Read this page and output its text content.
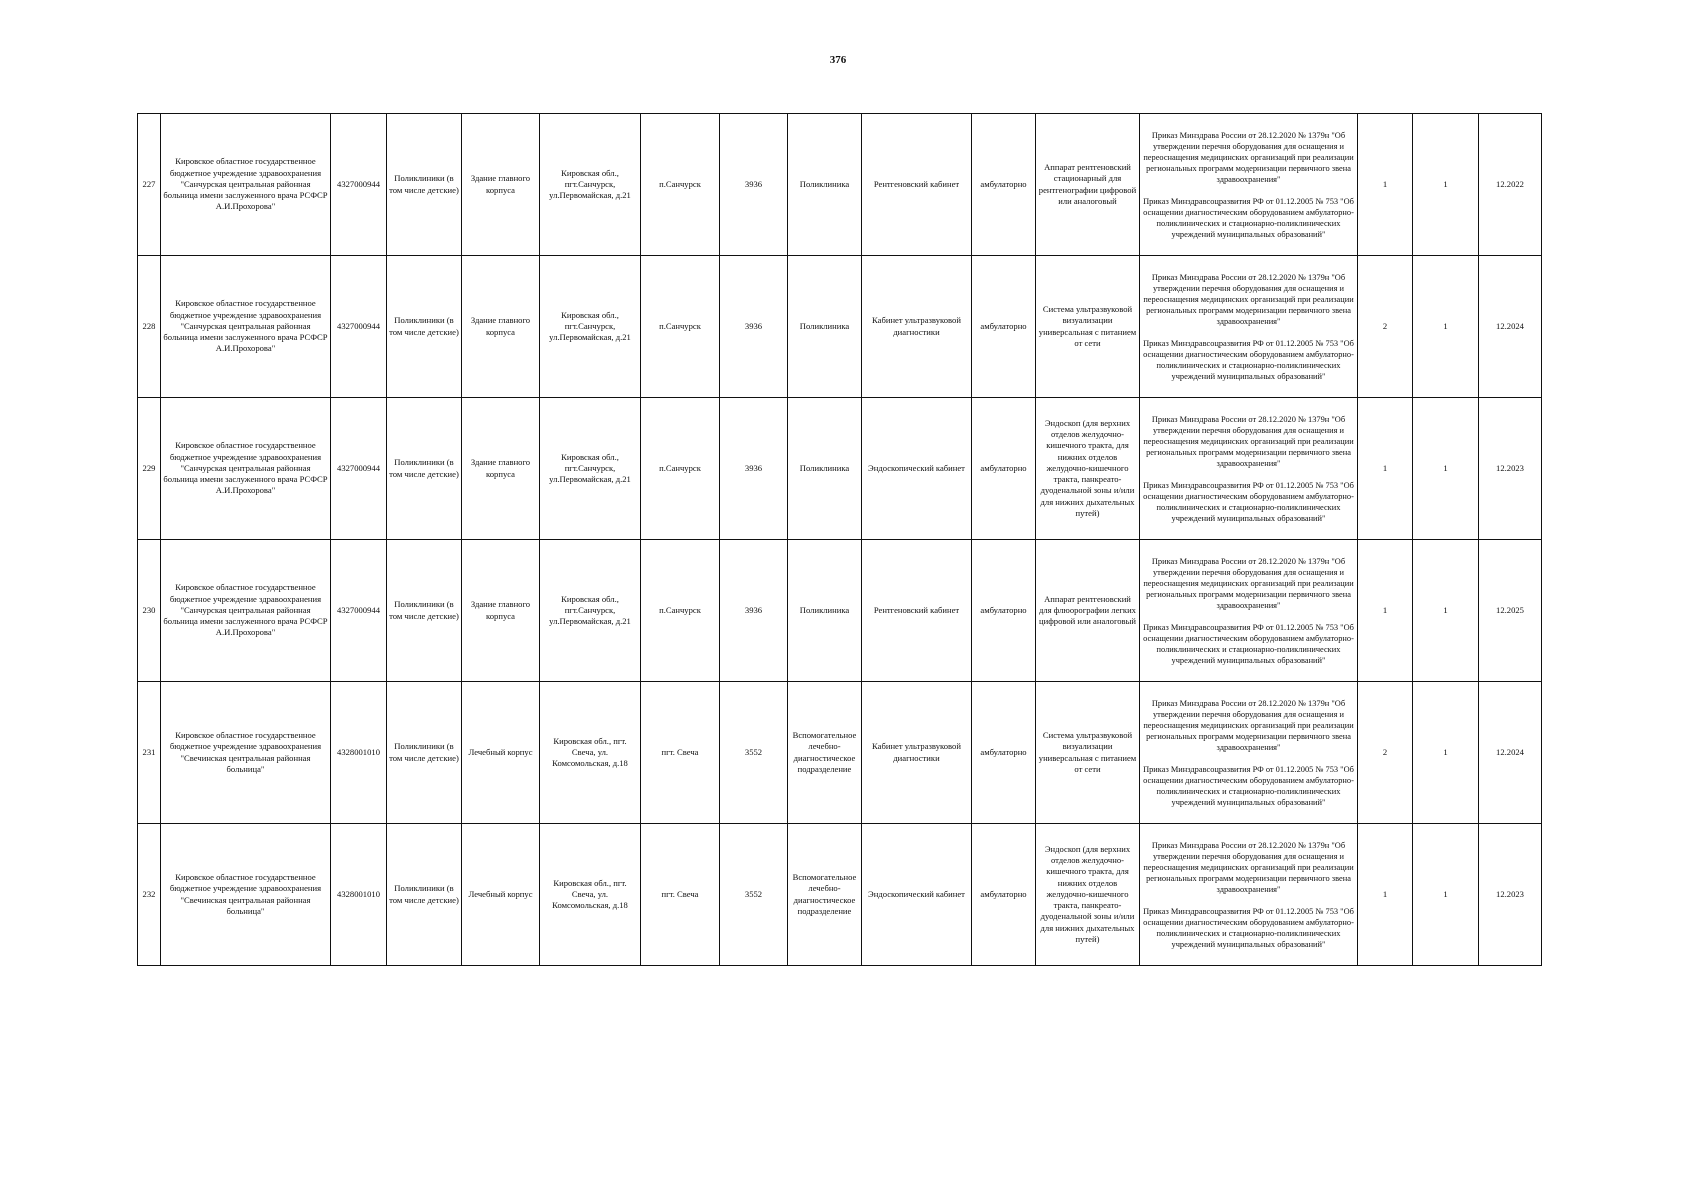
376
227	Кировское областное государственное бюджетное учреждение здравоохранения "Санчурская центральная районная больница имени заслуженного врача РСФСР А.И.Прохорова"	4327000944	Поликлиники (в том числе детские)	Здание главного корпуса	Кировская обл., пгт.Санчурск, ул.Первомайская, д.21	п.Санчурск	3936	Поликлиника	Рентгеновский кабинет	амбулаторно	Аппарат рентгеновский стационарный для рентгенографии цифровой или аналоговый	Приказ Минздрава России от 28.12.2020 № 1379н "Об утверждении перечня оборудования для оснащения и переоснащения медицинских организаций при реализации региональных программ модернизации первичного звена здравоохранения"
Приказ Минздравсоцразвития РФ от 01.12.2005 № 753 "Об оснащении диагностическим оборудованием амбулаторно-поликлинических и стационарно-поликлинических учреждений муниципальных образований"	1	1	12.2022
228	Кировское областное государственное бюджетное учреждение здравоохранения "Санчурская центральная районная больница имени заслуженного врача РСФСР А.И.Прохорова"	4327000944	Поликлиники (в том числе детские)	Здание главного корпуса	Кировская обл., пгт.Санчурск, ул.Первомайская, д.21	п.Санчурск	3936	Поликлиника	Кабинет ультразвуковой диагностики	амбулаторно	Система ультразвуковой визуализации универсальная с питанием от сети	Приказ Минздрава России от 28.12.2020 № 1379н "Об утверждении перечня оборудования для оснащения и переоснащения медицинских организаций при реализации региональных программ модернизации первичного звена здравоохранения"
Приказ Минздравсоцразвития РФ от 01.12.2005 № 753 "Об оснащении диагностическим оборудованием амбулаторно-поликлинических и стационарно-поликлинических учреждений муниципальных образований"	2	1	12.2024
229	Кировское областное государственное бюджетное учреждение здравоохранения "Санчурская центральная районная больница имени заслуженного врача РСФСР А.И.Прохорова"	4327000944	Поликлиники (в том числе детские)	Здание главного корпуса	Кировская обл., пгт.Санчурск, ул.Первомайская, д.21	п.Санчурск	3936	Поликлиника	Эндоскопический кабинет	амбулаторно	Эндоскоп (для верхних отделов желудочно-кишечного тракта, для нижних отделов желудочно-кишечного тракта, панкреато-дуоденальной зоны и/или для нижних дыхательных путей)	Приказ Минздрава России от 28.12.2020 № 1379н "Об утверждении перечня оборудования для оснащения и переоснащения медицинских организаций при реализации региональных программ модернизации первичного звена здравоохранения"
Приказ Минздравсоцразвития РФ от 01.12.2005 № 753 "Об оснащении диагностическим оборудованием амбулаторно-поликлинических и стационарно-поликлинических учреждений муниципальных образований"	1	1	12.2023
230	Кировское областное государственное бюджетное учреждение здравоохранения "Санчурская центральная районная больница имени заслуженного врача РСФСР А.И.Прохорова"	4327000944	Поликлиники (в том числе детские)	Здание главного корпуса	Кировская обл., пгт.Санчурск, ул.Первомайская, д.21	п.Санчурск	3936	Поликлиника	Рентгеновский кабинет	амбулаторно	Аппарат рентгеновский для флюорографии легких цифровой или аналоговый	Приказ Минздрава России от 28.12.2020 № 1379н "Об утверждении перечня оборудования для оснащения и переоснащения медицинских организаций при реализации региональных программ модернизации первичного звена здравоохранения"
Приказ Минздравсоцразвития РФ от 01.12.2005 № 753 "Об оснащении диагностическим оборудованием амбулаторно-поликлинических и стационарно-поликлинических учреждений муниципальных образований"	1	1	12.2025
231	Кировское областное государственное бюджетное учреждение здравоохранения "Свечинская центральная районная больница"	4328001010	Поликлиники (в том числе детские)	Лечебный корпус	Кировская обл., пгт. Свеча, ул. Комсомольская, д.18	пгт. Свеча	3552	Вспомогательное лечебно-диагностическое подразделение	Кабинет ультразвуковой диагностики	амбулаторно	Система ультразвуковой визуализации универсальная с питанием от сети	Приказ Минздрава России от 28.12.2020 № 1379н "Об утверждении перечня оборудования для оснащения и переоснащения медицинских организаций при реализации региональных программ модернизации первичного звена здравоохранения"
Приказ Минздравсоцразвития РФ от 01.12.2005 № 753 "Об оснащении диагностическим оборудованием амбулаторно-поликлинических и стационарно-поликлинических учреждений муниципальных образований"	2	1	12.2024
232	Кировское областное государственное бюджетное учреждение здравоохранения "Свечинская центральная районная больница"	4328001010	Поликлиники (в том числе детские)	Лечебный корпус	Кировская обл., пгт. Свеча, ул. Комсомольская, д.18	пгт. Свеча	3552	Вспомогательное лечебно-диагностическое подразделение	Эндоскопический кабинет	амбулаторно	Эндоскоп (для верхних отделов желудочно-кишечного тракта, для нижних отделов желудочно-кишечного тракта, панкреато-дуоденальной зоны и/или для нижних дыхательных путей)	Приказ Минздрава России от 28.12.2020 № 1379н "Об утверждении перечня оборудования для оснащения и переоснащения медицинских организаций при реализации региональных программ модернизации первичного звена здравоохранения"
Приказ Минздравсоцразвития РФ от 01.12.2005 № 753 "Об оснащении диагностическим оборудованием амбулаторно-поликлинических и стационарно-поликлинических учреждений муниципальных образований"	1	1	12.2023
